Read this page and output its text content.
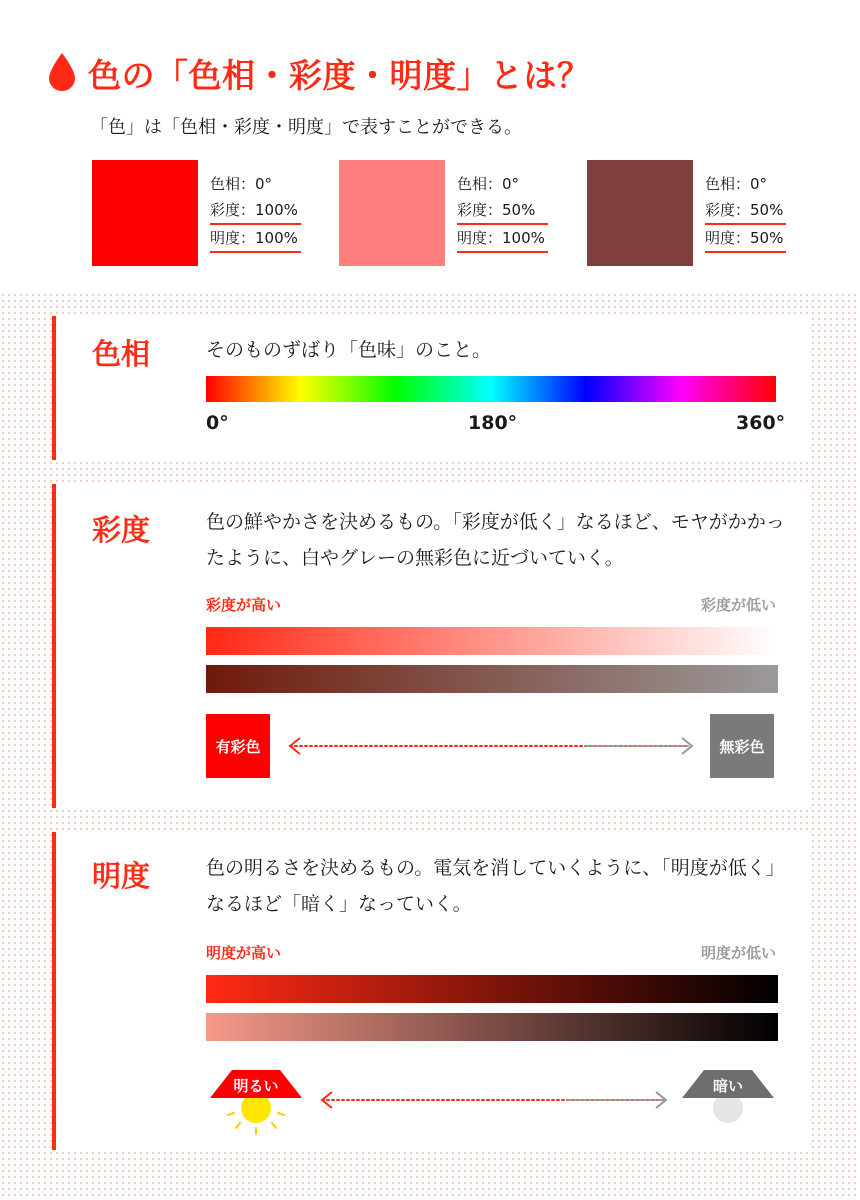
色の「色相・彩度・明度」とは？
「色」は「色相・彩度・明度」で表すことができる。
色相：0°
彩度：100%
明度：100%
色相：0°
彩度：50%
明度：100%
色相：0°
彩度：50%
明度：50%
色相	そのものずばり「色味」のこと。
0°	180°	360°
彩度	色の鮮やかさを決めるもの。「彩度が低く」なるほど、モヤがかかったように、白やグレーの無彩色に近づいていく。
彩度が高い	彩度が低い
有彩色	無彩色
明度	色の明るさを決めるもの。電気を消していくように、「明度が低く」なるほど「暗く」なっていく。
明度が高い	明度が低い
明るい	暗い
